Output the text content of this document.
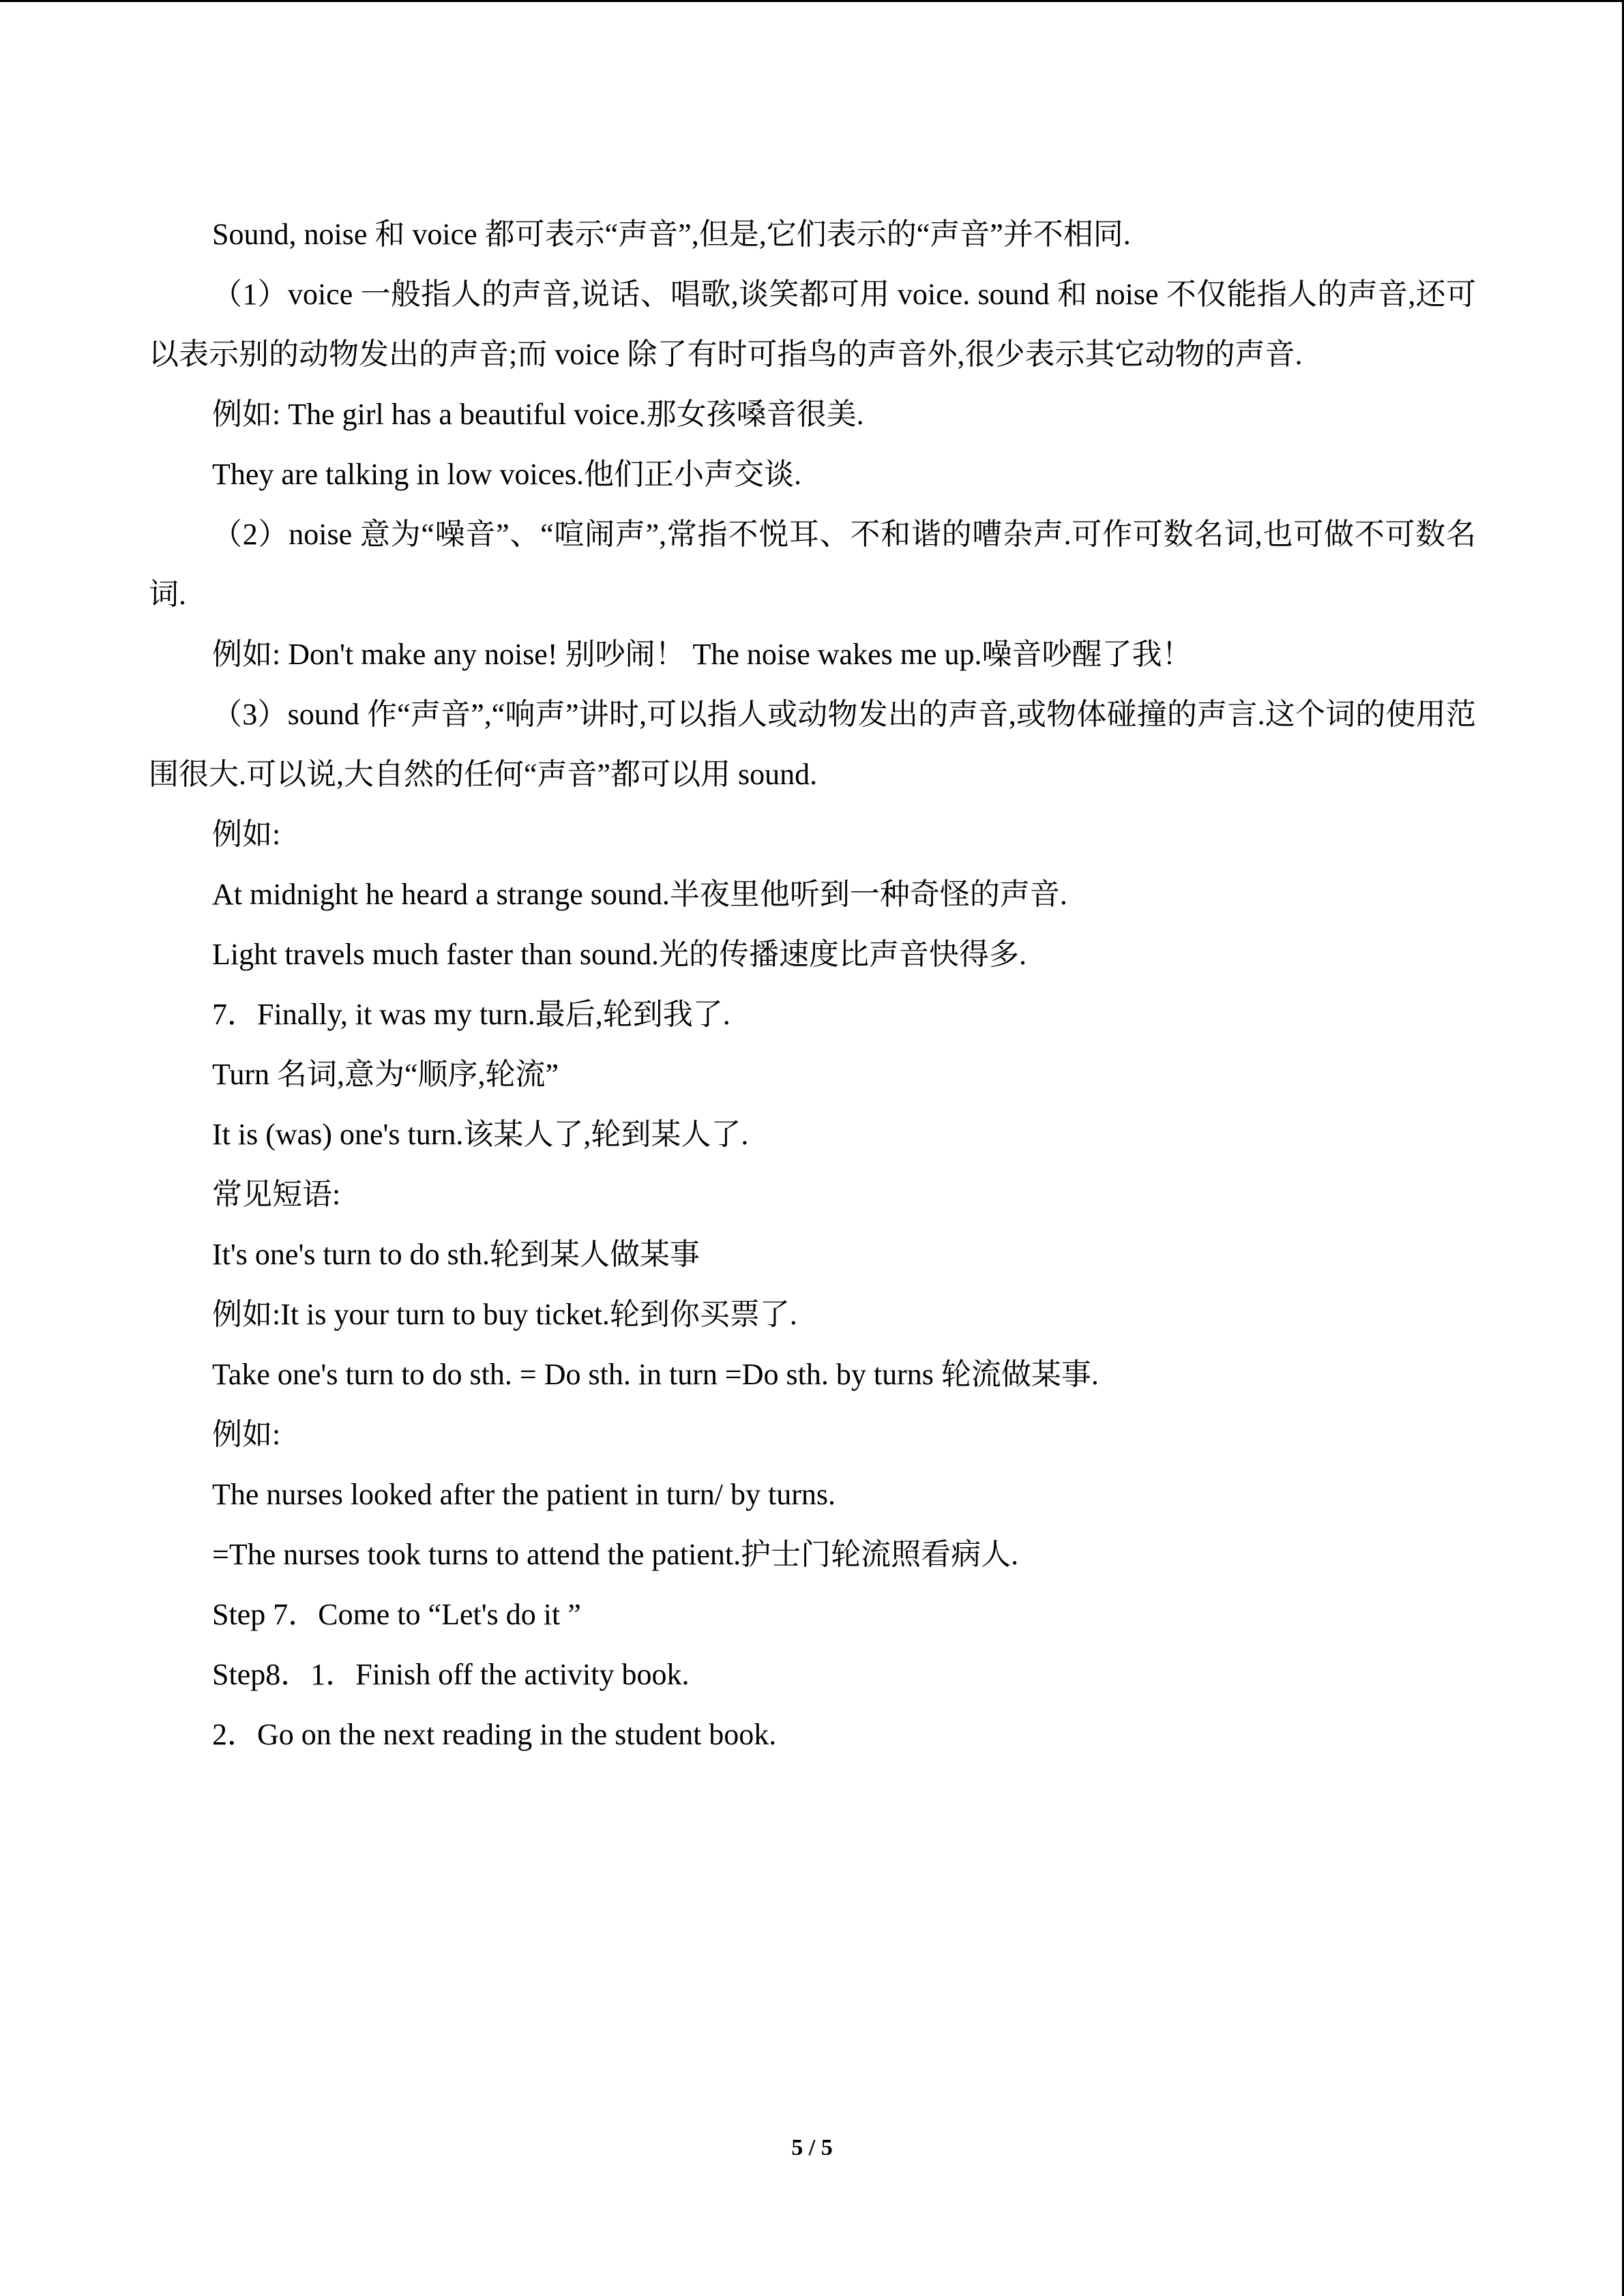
Sound, noise 和 voice 都可表示“声音”,但是,它们表示的“声音”并不相同.

（1）voice 一般指人的声音,说话、唱歌,谈笑都可用 voice. sound 和 noise 不仅能指人的声音,还可以表示别的动物发出的声音;而 voice 除了有时可指鸟的声音外,很少表示其它动物的声音.

例如: The girl has a beautiful voice.那女孩嗓音很美.

They are talking in low voices.他们正小声交谈.

（2）noise 意为“噪音”、“喧闹声”,常指不悦耳、不和谐的嘈杂声.可作可数名词,也可做不可数名词.

例如: Don't make any noise! 别吵闹！ The noise wakes me up.噪音吵醒了我！

（3）sound 作“声音”,“响声”讲时,可以指人或动物发出的声音,或物体碰撞的声言.这个词的使用范围很大.可以说,大自然的任何“声音”都可以用 sound.

例如:

At midnight he heard a strange sound.半夜里他听到一种奇怪的声音.

Light travels much faster than sound.光的传播速度比声音快得多.

7．Finally, it was my turn.最后,轮到我了.

Turn 名词,意为“顺序,轮流”

It is (was) one's turn.该某人了,轮到某人了.

常见短语:

It's one's turn to do sth.轮到某人做某事

例如:It is your turn to buy ticket.轮到你买票了.

Take one's turn to do sth. = Do sth. in turn =Do sth. by turns 轮流做某事.

例如:

The nurses looked after the patient in turn/ by turns.

=The nurses took turns to attend the patient.护士门轮流照看病人.

Step 7．Come to “Let's do it ”

Step8．1．Finish off the activity book.

2．Go on the next reading in the student book.

5 / 5
